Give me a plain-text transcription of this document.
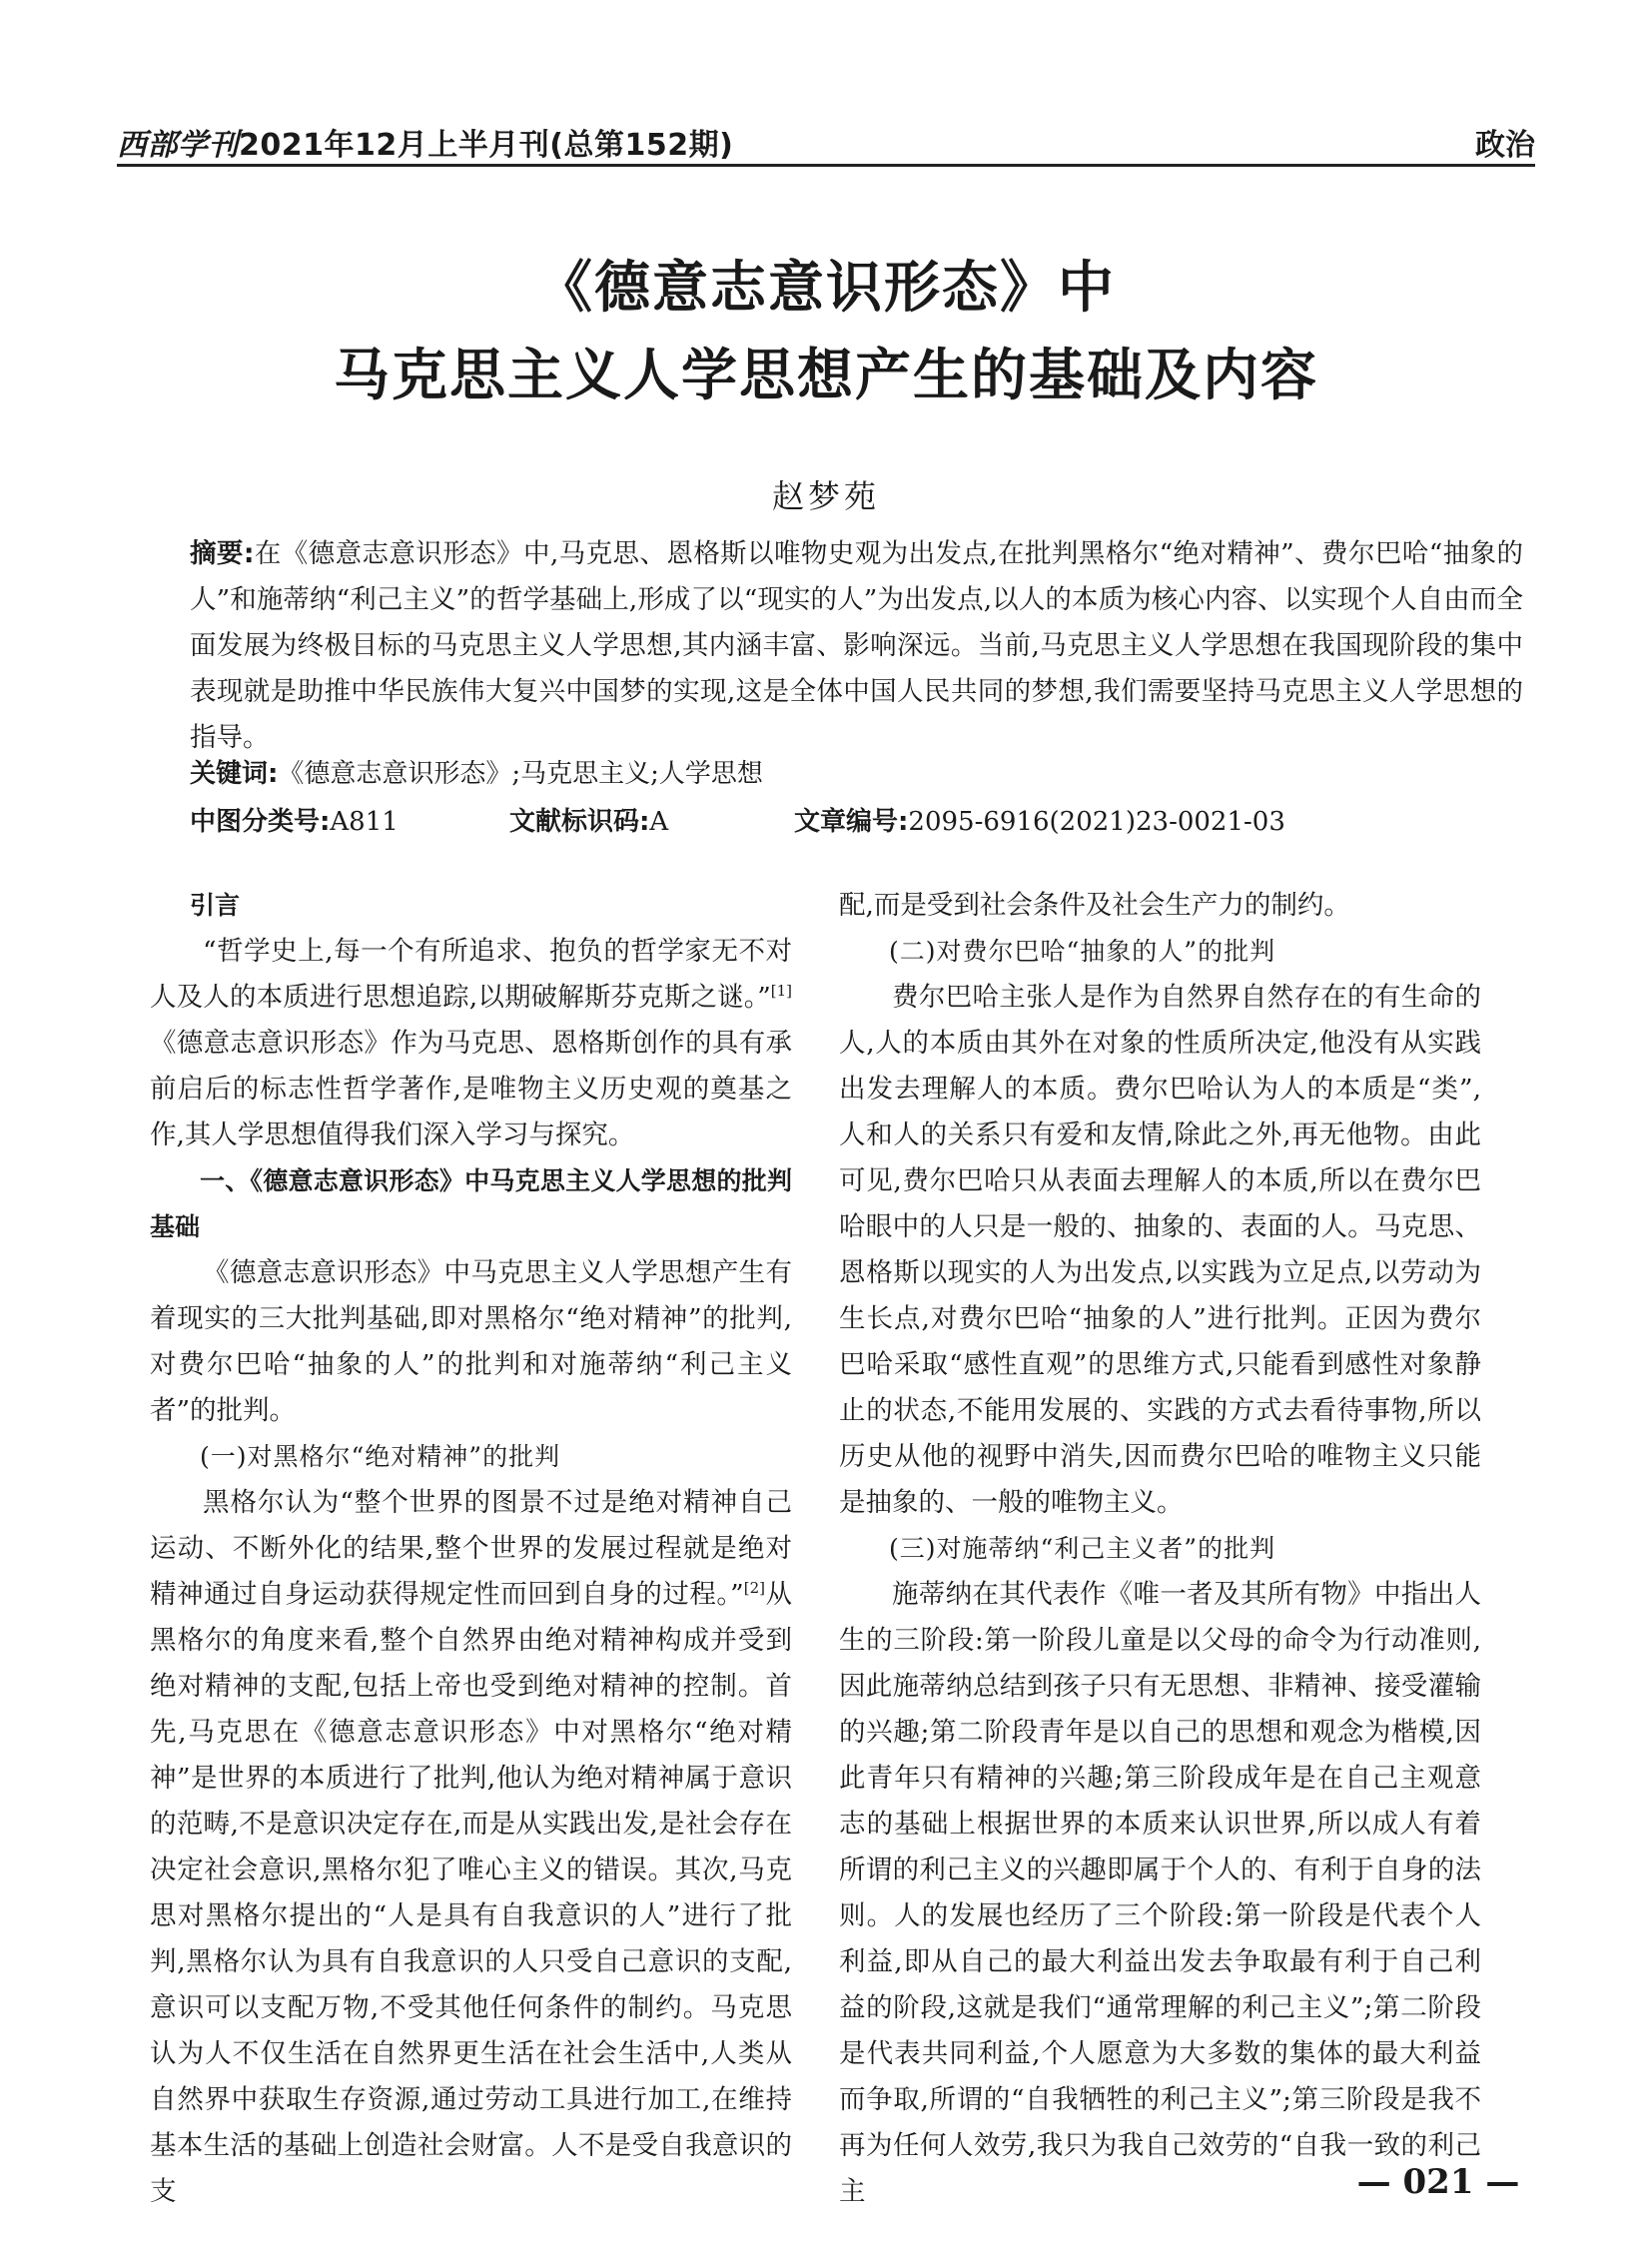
西部学刊2021年12月上半月刊(总第152期)	政治
《德意志意识形态》中
马克思主义人学思想产生的基础及内容
赵梦苑
摘要:在《德意志意识形态》中,马克思、恩格斯以唯物史观为出发点,在批判黑格尔“绝对精神”、费尔巴哈“抽象的人”和施蒂纳“利己主义”的哲学基础上,形成了以“现实的人”为出发点,以人的本质为核心内容、以实现个人自由而全面发展为终极目标的马克思主义人学思想,其内涵丰富、影响深远。当前,马克思主义人学思想在我国现阶段的集中表现就是助推中华民族伟大复兴中国梦的实现,这是全体中国人民共同的梦想,我们需要坚持马克思主义人学思想的指导。
关键词:《德意志意识形态》;马克思主义;人学思想
中图分类号:A811	文献标识码:A	文章编号:2095-6916(2021)23-0021-03

引言

“哲学史上,每一个有所追求、抱负的哲学家无不对人及人的本质进行思想追踪,以期破解斯芬克斯之谜。”[1]《德意志意识形态》作为马克思、恩格斯创作的具有承前启后的标志性哲学著作,是唯物主义历史观的奠基之作,其人学思想值得我们深入学习与探究。

一、《德意志意识形态》中马克思主义人学思想的批判基础

《德意志意识形态》中马克思主义人学思想产生有着现实的三大批判基础,即对黑格尔“绝对精神”的批判,对费尔巴哈“抽象的人”的批判和对施蒂纳“利己主义者”的批判。

(一)对黑格尔“绝对精神”的批判

黑格尔认为“整个世界的图景不过是绝对精神自己运动、不断外化的结果,整个世界的发展过程就是绝对精神通过自身运动获得规定性而回到自身的过程。”[2]从黑格尔的角度来看,整个自然界由绝对精神构成并受到绝对精神的支配,包括上帝也受到绝对精神的控制。首先,马克思在《德意志意识形态》中对黑格尔“绝对精神”是世界的本质进行了批判,他认为绝对精神属于意识的范畴,不是意识决定存在,而是从实践出发,是社会存在决定社会意识,黑格尔犯了唯心主义的错误。其次,马克思对黑格尔提出的“人是具有自我意识的人”进行了批判,黑格尔认为具有自我意识的人只受自己意识的支配,意识可以支配万物,不受其他任何条件的制约。马克思认为人不仅生活在自然界更生活在社会生活中,人类从自然界中获取生存资源,通过劳动工具进行加工,在维持基本生活的基础上创造社会财富。人不是受自我意识的支

配,而是受到社会条件及社会生产力的制约。

(二)对费尔巴哈“抽象的人”的批判

费尔巴哈主张人是作为自然界自然存在的有生命的人,人的本质由其外在对象的性质所决定,他没有从实践出发去理解人的本质。费尔巴哈认为人的本质是“类”,人和人的关系只有爱和友情,除此之外,再无他物。由此可见,费尔巴哈只从表面去理解人的本质,所以在费尔巴哈眼中的人只是一般的、抽象的、表面的人。马克思、恩格斯以现实的人为出发点,以实践为立足点,以劳动为生长点,对费尔巴哈“抽象的人”进行批判。正因为费尔巴哈采取“感性直观”的思维方式,只能看到感性对象静止的状态,不能用发展的、实践的方式去看待事物,所以历史从他的视野中消失,因而费尔巴哈的唯物主义只能是抽象的、一般的唯物主义。

(三)对施蒂纳“利己主义者”的批判

施蒂纳在其代表作《唯一者及其所有物》中指出人生的三阶段:第一阶段儿童是以父母的命令为行动准则,因此施蒂纳总结到孩子只有无思想、非精神、接受灌输的兴趣;第二阶段青年是以自己的思想和观念为楷模,因此青年只有精神的兴趣;第三阶段成年是在自己主观意志的基础上根据世界的本质来认识世界,所以成人有着所谓的利己主义的兴趣即属于个人的、有利于自身的法则。人的发展也经历了三个阶段:第一阶段是代表个人利益,即从自己的最大利益出发去争取最有利于自己利益的阶段,这就是我们“通常理解的利己主义”;第二阶段是代表共同利益,个人愿意为大多数的集体的最大利益而争取,所谓的“自我牺牲的利己主义”;第三阶段是我不再为任何人效劳,我只为我自己效劳的“自我一致的利己主	— 021 —
